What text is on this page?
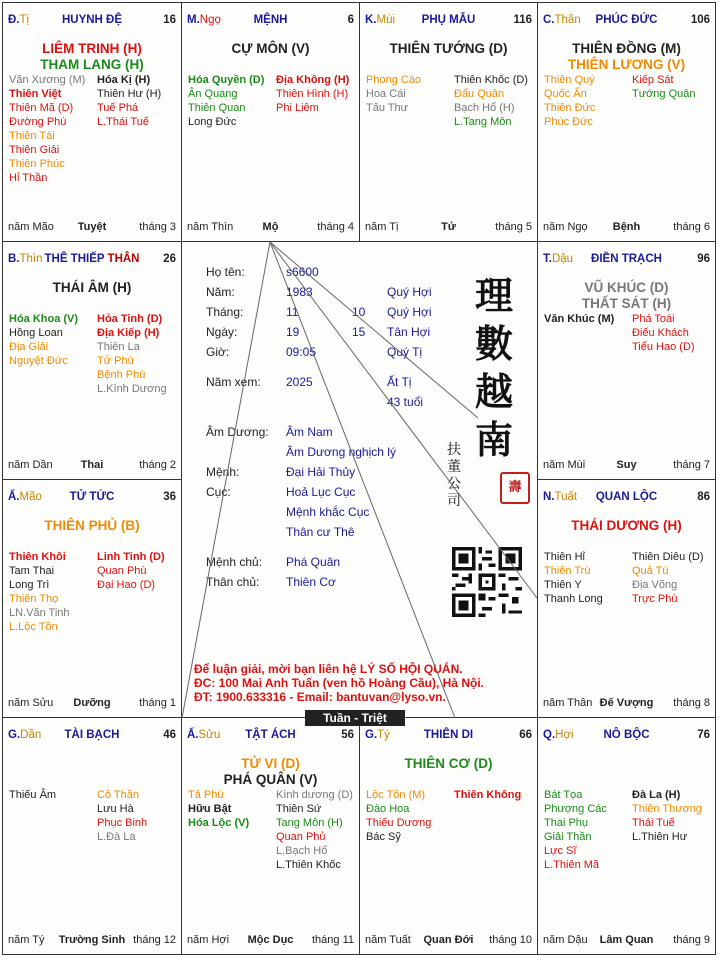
Đ.Tị	HUYNH ĐỆ	16
LIÊM TRINH (H)
THAM LANG (H)
Văn Xương (M)
Thiên Việt
Thiên Mã (D)
Đường Phù
Thiên Tài
Thiên Giải
Thiên Phúc
Hỉ Thần
Hóa Kị (H)
Thiên Hư (H)
Tuế Phá
L.Thái Tuế
năm Mão	Tuyệt	tháng 3
M.Ngọ	MỆNH	6
CỰ MÔN (V)
Hóa Quyền (D)
Ân Quang
Thiên Quan
Long Đức
Địa Không (H)
Thiên Hình (H)
Phi Liêm
năm Thìn	Mộ	tháng 4
K.Mùi	PHỤ MẪU	116
THIÊN TƯỚNG (D)
Phong Cáo
Hoa Cái
Tấu Thư
Thiên Khốc (D)
Đẩu Quân
Bạch Hổ (H)
L.Tang Môn
năm Tị	Tử	tháng 5
C.Thân	PHÚC ĐỨC	106
THIÊN ĐỒNG (M)
THIÊN LƯƠNG (V)
Thiên Quý
Quốc Ấn
Thiên Đức
Phúc Đức
Kiếp Sát
Tướng Quân
năm Ngọ	Bệnh	tháng 6
B.Thìn THÊ THIẾP THÂN	26
THÁI ÂM (H)
Hóa Khoa (V)
Hồng Loan
Địa Giải
Nguyệt Đức
Hỏa Tinh (D)
Địa Kiếp (H)
Thiên La
Tử Phù
Bệnh Phù
L.Kình Dương
năm Dần	Thai	tháng 2
T.Dậu	ĐIỀN TRẠCH	96
VŨ KHÚC (D)
THẤT SÁT (H)
Văn Khúc (M) Phá Toái
Điếu Khách
Tiểu Hao (D)
năm Mùi	Suy	tháng 7
Ấ.Mão	TỬ TỨC	36
THIÊN PHỦ (B)
Thiên Khôi
Tam Thai
Long Trì
Thiên Thọ
LN.Văn Tinh
L.Lộc Tồn
Linh Tinh (D)
Quan Phù
Đại Hao (D)
năm Sửu	Dưỡng	tháng 1
N.Tuất	QUAN LỘC	86
THÁI DƯƠNG (H)
Thiên Hỉ
Thiên Trù
Thiên Y
Thanh Long
Thiên Diêu (D)
Quả Tú
Địa Võng
Trực Phù
năm Thân Đế Vượng	tháng 8
G.Dần	TÀI BẠCH	46
Thiếu Âm	Cô Thần
Lưu Hà
Phục Binh
L.Đà La
năm Tý	Trường Sinh tháng 12
Ấ.Sửu	TẬT ÁCH	56
TỬ VI (D)
PHÁ QUÂN (V)
Tả Phù
Hữu Bật
Hóa Lộc (V)
Kình dương (D)
Thiên Sứ
Tang Môn (H)
Quan Phủ
L.Bạch Hổ
L.Thiên Khốc
năm Hợi	Mộc Dục	tháng 11
G.Tý	THIÊN DI	66
THIÊN CƠ (D)
Lộc Tồn (M)
Đào Hoa
Thiếu Dương
Bác Sỹ
Thiên Không
năm Tuất	Quan Đới	tháng 10
Q.Hợi	NÔ BỘC	76
Bát Tọa
Phượng Các
Thai Phụ
Giải Thần
Lực Sĩ
L.Thiên Mã
Đà La (H)
Thiên Thương
Thái Tuế
L.Thiên Hư
năm Dậu	Lâm Quan	tháng 9
Họ tên:	s6600
Năm:	1983	Quý Hợi
Tháng:	11	10 Quý Hợi
Ngày:	19	15 Tân Hợi
Giờ:	09:05	Quý Tị
Năm xem: 2025	Ất Tị
43 tuổi
Âm Dương: Âm Nam
Âm Dương nghịch lý
Mệnh:	Đại Hải Thủy
Cục:	Hoả Lục Cục
Mệnh khắc Cục
Thân cư Thê
Mệnh chủ: Phá Quân
Thân chủ: Thiên Cơ
理
數
越
南
扶
董
公
司
壽
Để luận giải, mời bạn liên hệ LÝ SỐ HỘI QUÁN.
ĐC: 100 Mai Anh Tuấn (ven hồ Hoàng Cầu), Hà Nội.
ĐT: 1900.633316 - Email: bantuvan@lyso.vn.
Tuần - Triệt
